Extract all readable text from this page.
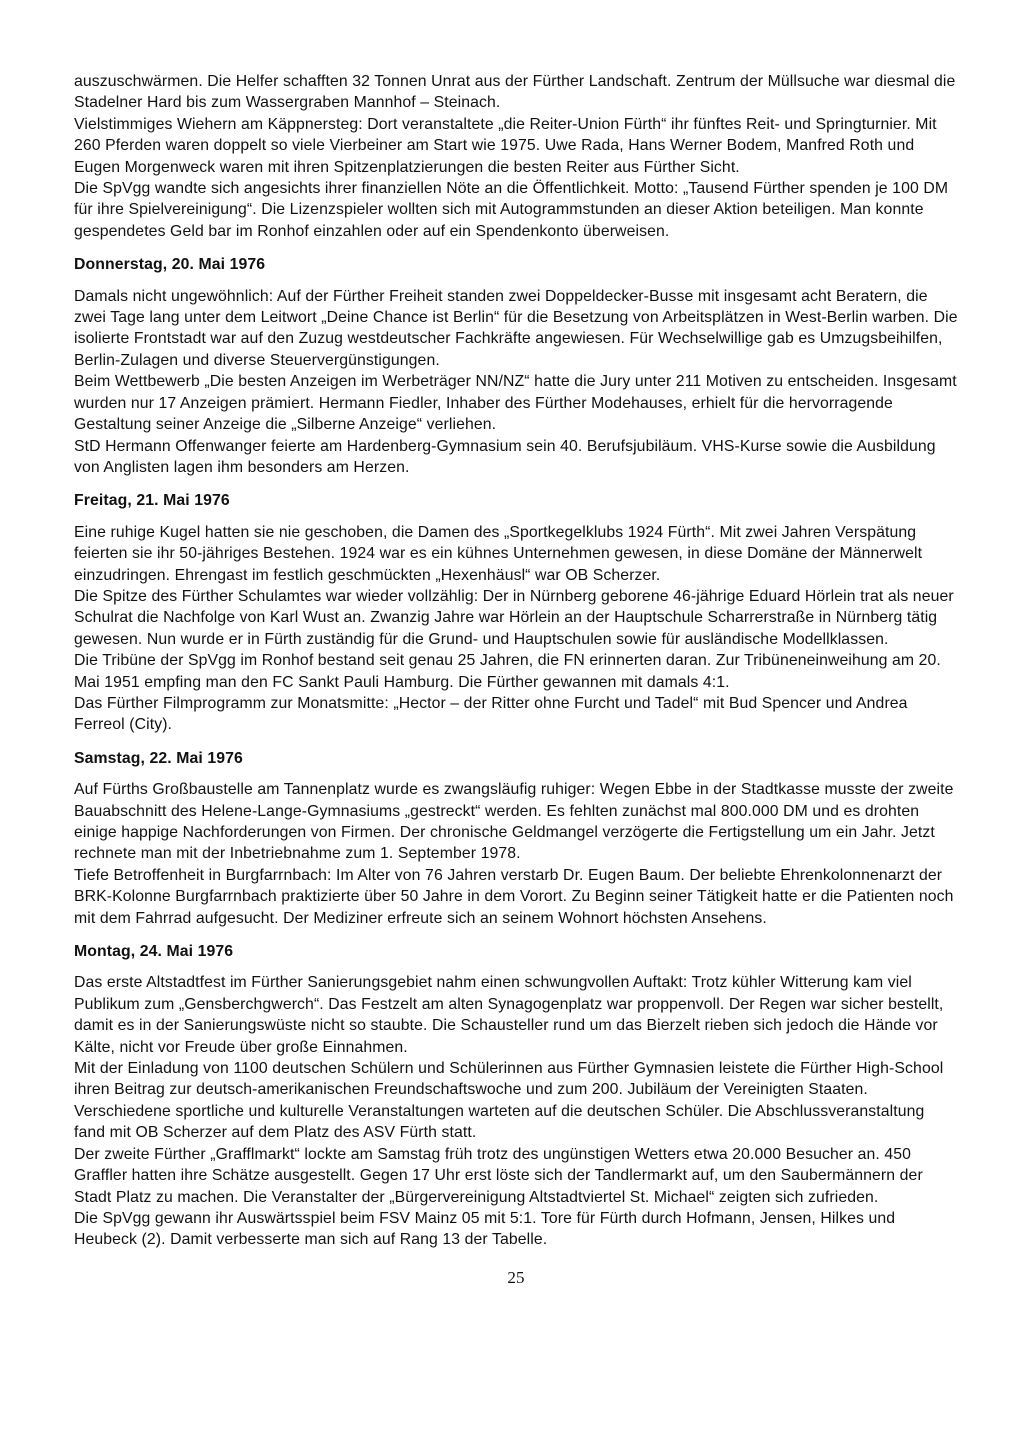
auszuschwärmen. Die Helfer schafften 32 Tonnen Unrat aus der Fürther Landschaft. Zentrum der Müllsuche war diesmal die Stadelner Hard bis zum Wassergraben Mannhof – Steinach.

Vielstimmiges Wiehern am Käppnersteg: Dort veranstaltete „die Reiter-Union Fürth“ ihr fünftes Reit- und Springturnier. Mit 260 Pferden waren doppelt so viele Vierbeiner am Start wie 1975. Uwe Rada, Hans Werner Bodem, Manfred Roth und Eugen Morgenweck waren mit ihren Spitzenplatzierungen die besten Reiter aus Fürther Sicht.

Die SpVgg wandte sich angesichts ihrer finanziellen Nöte an die Öffentlichkeit. Motto: „Tausend Fürther spenden je 100 DM für ihre Spielvereinigung“. Die Lizenzspieler wollten sich mit Autogrammstunden an dieser Aktion beteiligen. Man konnte gespendetes Geld bar im Ronhof einzahlen oder auf ein Spendenkonto überweisen.

Donnerstag, 20. Mai 1976

Damals nicht ungewöhnlich: Auf der Fürther Freiheit standen zwei Doppeldecker-Busse mit insgesamt acht Beratern, die zwei Tage lang unter dem Leitwort „Deine Chance ist Berlin“ für die Besetzung von Arbeitsplätzen in West-Berlin warben. Die isolierte Frontstadt war auf den Zuzug westdeutscher Fachkräfte angewiesen. Für Wechselwillige gab es Umzugsbeihilfen, Berlin-Zulagen und diverse Steuervergünstigungen.

Beim Wettbewerb „Die besten Anzeigen im Werbeträger NN/NZ“ hatte die Jury unter 211 Motiven zu entscheiden. Insgesamt wurden nur 17 Anzeigen prämiert. Hermann Fiedler, Inhaber des Fürther Modehauses, erhielt für die hervorragende Gestaltung seiner Anzeige die „Silberne Anzeige“ verliehen.

StD Hermann Offenwanger feierte am Hardenberg-Gymnasium sein 40. Berufsjubiläum. VHS-Kurse sowie die Ausbildung von Anglisten lagen ihm besonders am Herzen.

Freitag, 21. Mai 1976

Eine ruhige Kugel hatten sie nie geschoben, die Damen des „Sportkegelklubs 1924 Fürth“. Mit zwei Jahren Verspätung feierten sie ihr 50-jähriges Bestehen. 1924 war es ein kühnes Unternehmen gewesen, in diese Domäne der Männerwelt einzudringen. Ehrengast im festlich geschmückten „Hexenhäusl“ war OB Scherzer.

Die Spitze des Fürther Schulamtes war wieder vollzählig: Der in Nürnberg geborene 46-jährige Eduard Hörlein trat als neuer Schulrat die Nachfolge von Karl Wust an. Zwanzig Jahre war Hörlein an der Hauptschule Scharrerstraße in Nürnberg tätig gewesen. Nun wurde er in Fürth zuständig für die Grund- und Hauptschulen sowie für ausländische Modellklassen.

Die Tribüne der SpVgg im Ronhof bestand seit genau 25 Jahren, die FN erinnerten daran. Zur Tribüneneinweihung am 20. Mai 1951 empfing man den FC Sankt Pauli Hamburg. Die Fürther gewannen mit damals 4:1.

Das Fürther Filmprogramm zur Monatsmitte: „Hector – der Ritter ohne Furcht und Tadel“ mit Bud Spencer und Andrea Ferreol (City).

Samstag, 22. Mai 1976

Auf Fürths Großbaustelle am Tannenplatz wurde es zwangsläufig ruhiger: Wegen Ebbe in der Stadtkasse musste der zweite Bauabschnitt des Helene-Lange-Gymnasiums „gestreckt“ werden. Es fehlten zunächst mal 800.000 DM und es drohten einige happige Nachforderungen von Firmen. Der chronische Geldmangel verzögerte die Fertigstellung um ein Jahr. Jetzt rechnete man mit der Inbetriebnahme zum 1. September 1978.

Tiefe Betroffenheit in Burgfarrnbach: Im Alter von 76 Jahren verstarb Dr. Eugen Baum. Der beliebte Ehrenkolonnenarzt der BRK-Kolonne Burgfarrnbach praktizierte über 50 Jahre in dem Vorort. Zu Beginn seiner Tätigkeit hatte er die Patienten noch mit dem Fahrrad aufgesucht. Der Mediziner erfreute sich an seinem Wohnort höchsten Ansehens.

Montag, 24. Mai 1976

Das erste Altstadtfest im Fürther Sanierungsgebiet nahm einen schwungvollen Auftakt: Trotz kühler Witterung kam viel Publikum zum „Gensberchgwerch“. Das Festzelt am alten Synagogenplatz war proppenvoll. Der Regen war sicher bestellt, damit es in der Sanierungswüste nicht so staubte. Die Schausteller rund um das Bierzelt rieben sich jedoch die Hände vor Kälte, nicht vor Freude über große Einnahmen.

Mit der Einladung von 1100 deutschen Schülern und Schülerinnen aus Fürther Gymnasien leistete die Fürther High-School ihren Beitrag zur deutsch-amerikanischen Freundschaftswoche und zum 200. Jubiläum der Vereinigten Staaten. Verschiedene sportliche und kulturelle Veranstaltungen warteten auf die deutschen Schüler. Die Abschlussveranstaltung fand mit OB Scherzer auf dem Platz des ASV Fürth statt.

Der zweite Fürther „Grafflmarkt“ lockte am Samstag früh trotz des ungünstigen Wetters etwa 20.000 Besucher an. 450 Graffler hatten ihre Schätze ausgestellt. Gegen 17 Uhr erst löste sich der Tandlermarkt auf, um den Saubermännern der Stadt Platz zu machen. Die Veranstalter der „Bürgervereinigung Altstadtviertel St. Michael“ zeigten sich zufrieden.

Die SpVgg gewann ihr Auswärtsspiel beim FSV Mainz 05 mit 5:1. Tore für Fürth durch Hofmann, Jensen, Hilkes und Heubeck (2). Damit verbesserte man sich auf Rang 13 der Tabelle.

25
